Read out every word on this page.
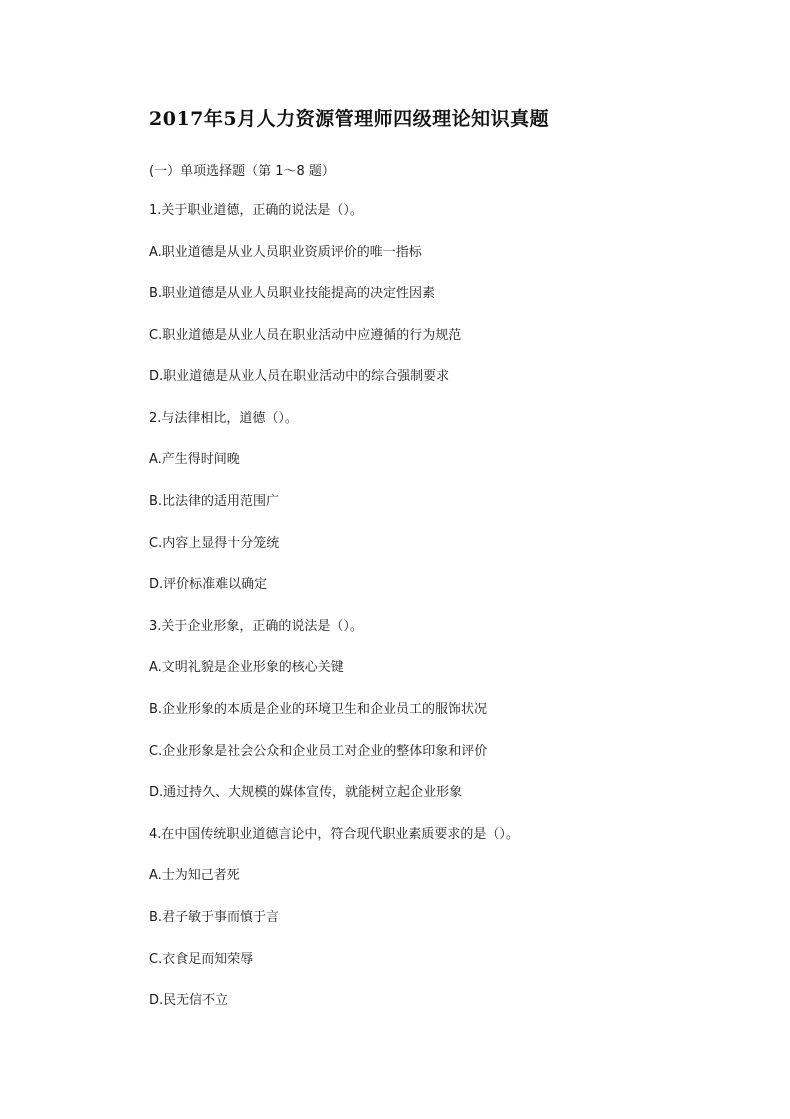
2017年5月人力资源管理师四级理论知识真题
(一）单项选择题（第 1～8 题）
1.关于职业道德，正确的说法是（）。
A.职业道德是从业人员职业资质评价的唯一指标
B.职业道德是从业人员职业技能提高的决定性因素
C.职业道德是从业人员在职业活动中应遵循的行为规范
D.职业道德是从业人员在职业活动中的综合强制要求
2.与法律相比，道德（）。
A.产生得时间晚
B.比法律的适用范围广
C.内容上显得十分笼统
D.评价标准难以确定
3.关于企业形象，正确的说法是（）。
A.文明礼貌是企业形象的核心关键
B.企业形象的本质是企业的环境卫生和企业员工的服饰状况
C.企业形象是社会公众和企业员工对企业的整体印象和评价
D.通过持久、大规模的媒体宣传，就能树立起企业形象
4.在中国传统职业道德言论中，符合现代职业素质要求的是（）。
A.士为知己者死
B.君子敏于事而慎于言
C.衣食足而知荣辱
D.民无信不立
